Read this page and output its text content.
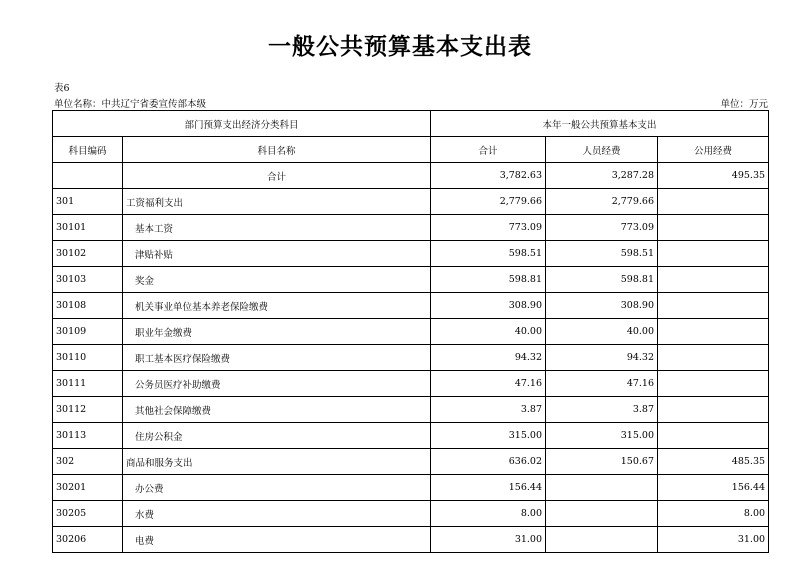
一般公共预算基本支出表
表6
单位名称：中共辽宁省委宣传部本级	单位：万元
部门预算支出经济分类科目		本年一般公共预算基本支出		
科目编码	科目名称	合计	人员经费	公用经费
	合计	3,782.63	3,287.28	495.35
301	工资福利支出	2,779.66	2,779.66	
30101	基本工资	773.09	773.09	
30102	津贴补贴	598.51	598.51	
30103	奖金	598.81	598.81	
30108	机关事业单位基本养老保险缴费	308.90	308.90	
30109	职业年金缴费	40.00	40.00	
30110	职工基本医疗保险缴费	94.32	94.32	
30111	公务员医疗补助缴费	47.16	47.16	
30112	其他社会保障缴费	3.87	3.87	
30113	住房公积金	315.00	315.00	
302	商品和服务支出	636.02	150.67	485.35
30201	办公费	156.44		156.44
30205	水费	8.00		8.00
30206	电费	31.00		31.00
